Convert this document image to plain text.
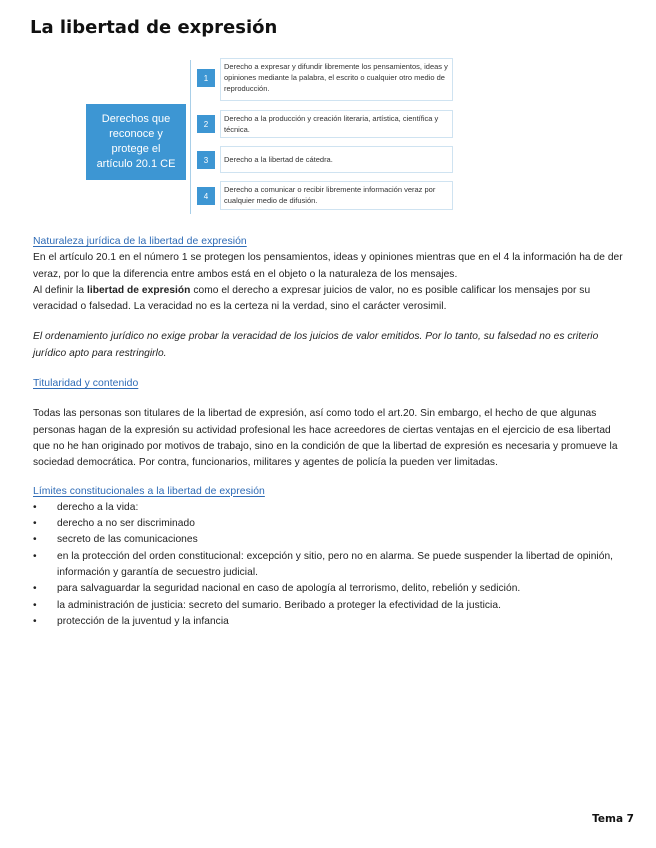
La libertad de expresión
Derechos que reconoce y protege el artículo 20.1 CE
1
Derecho a expresar y difundir libremente los pensamientos, ideas y opiniones mediante la palabra, el escrito o cualquier otro medio de reproducción.
2
Derecho a la producción y creación literaria, artística, científica y técnica.
3	Derecho a la libertad de cátedra.
4
Derecho a comunicar o recibir libremente información veraz por cualquier medio de difusión.

Naturaleza jurídica de la libertad de expresión

En el artículo 20.1 en el número 1 se protegen los pensamientos, ideas y opiniones mientras que en el 4 la información ha de der veraz, por lo que la diferencia entre ambos está en el objeto o la naturaleza de los mensajes.

Al definir la libertad de expresión como el derecho a expresar juicios de valor, no es posible calificar los mensajes por su veracidad o falsedad. La veracidad no es la certeza ni la verdad, sino el carácter verosimil.

El ordenamiento jurídico no exige probar la veracidad de los juicios de valor emitidos. Por lo tanto, su falsedad no es criterio jurídico apto para restringirlo.

Titularidad y contenido

Todas las personas son titulares de la libertad de expresión, así como todo el art.20. Sin embargo, el hecho de que algunas personas hagan de la expresión su actividad profesional les hace acreedores de ciertas ventajas en el ejercicio de esa libertad que no he han originado por motivos de trabajo, sino en la condición de que la libertad de expresión es necesaria y promueve la sociedad democrática. Por contra, funcionarios, militares y agentes de policía la pueden ver limitadas.

Límites constitucionales a la libertad de expresión

• derecho a la vida:
• derecho a no ser discriminado
• secreto de las comunicaciones
• en la protección del orden constitucional: excepción y sitio, pero no en alarma. Se puede suspender la libertad de opinión, información y garantía de secuestro judicial.
• para salvaguardar la seguridad nacional en caso de apología al terrorismo, delito, rebelión y sedición.
• la administración de justicia: secreto del sumario. Beribado a proteger la efectividad de la justicia.
• protección de la juventud y la infancia
Tema 7
